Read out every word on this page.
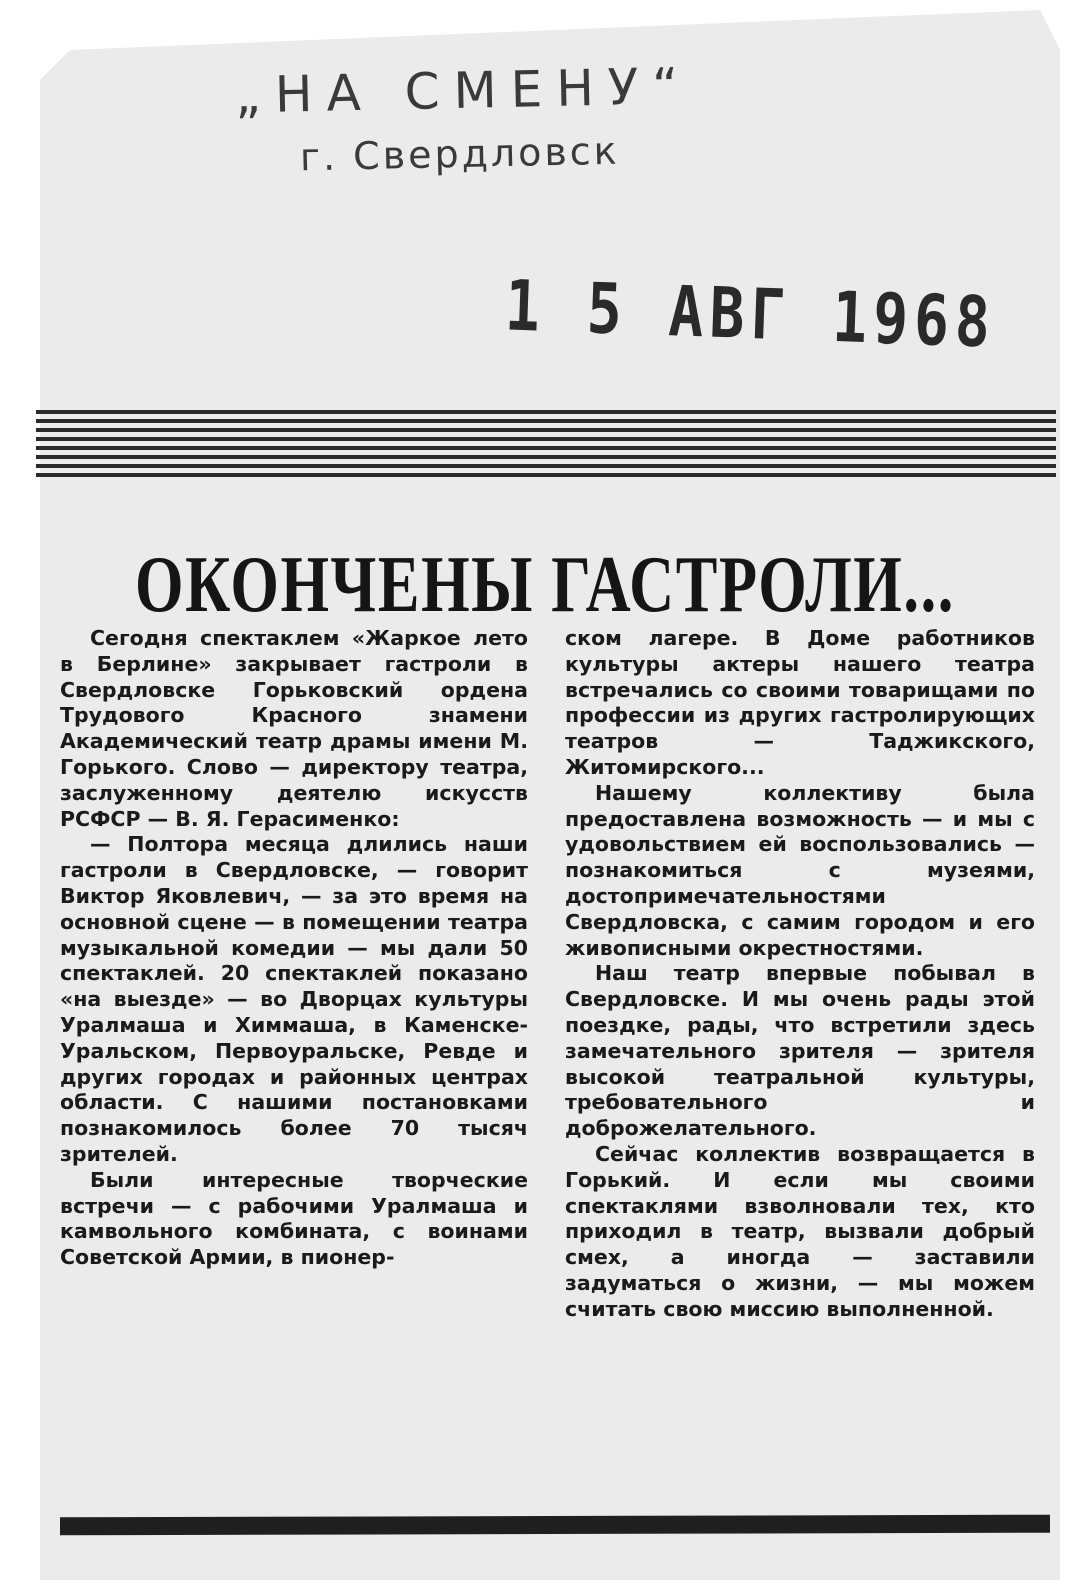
„НА СМЕНУ“
г. Свердловск
1 5 АВГ 1968
ОКОНЧЕНЫ ГАСТРОЛИ...

Сегодня спектаклем «Жаркое лето в Берлине» закрывает гастроли в Свердловске Горьковский ордена Трудового Красного знамени Академический театр драмы имени М. Горького. Слово — директору театра, заслуженному деятелю искусств РСФСР — В. Я. Герасименко:

— Полтора месяца длились наши гастроли в Свердловске, — говорит Виктор Яковлевич, — за это время на основной сцене — в помещении театра музыкальной комедии — мы дали 50 спектаклей. 20 спектаклей показано «на выезде» — во Дворцах культуры Уралмаша и Химмаша, в Каменске-Уральском, Первоуральске, Ревде и других городах и районных центрах области. С нашими постановками познакомилось более 70 тысяч зрителей.

Были интересные творческие встречи — с рабочими Уралмаша и камвольного комбината, с воинами Советской Армии, в пионер-

ском лагере. В Доме работников культуры актеры нашего театра встречались со своими товарищами по профессии из других гастролирующих театров — Таджикского, Житомирского...

Нашему коллективу была предоставлена возможность — и мы с удовольствием ей воспользовались — познакомиться с музеями, достопримечательностями Свердловска, с самим городом и его живописными окрестностями.

Наш театр впервые побывал в Свердловске. И мы очень рады этой поездке, рады, что встретили здесь замечательного зрителя — зрителя высокой театральной культуры, требовательного и доброжелательного.

Сейчас коллектив возвращается в Горький. И если мы своими спектаклями взволновали тех, кто приходил в театр, вызвали добрый смех, а иногда — заставили задуматься о жизни, — мы можем считать свою миссию выполненной.
